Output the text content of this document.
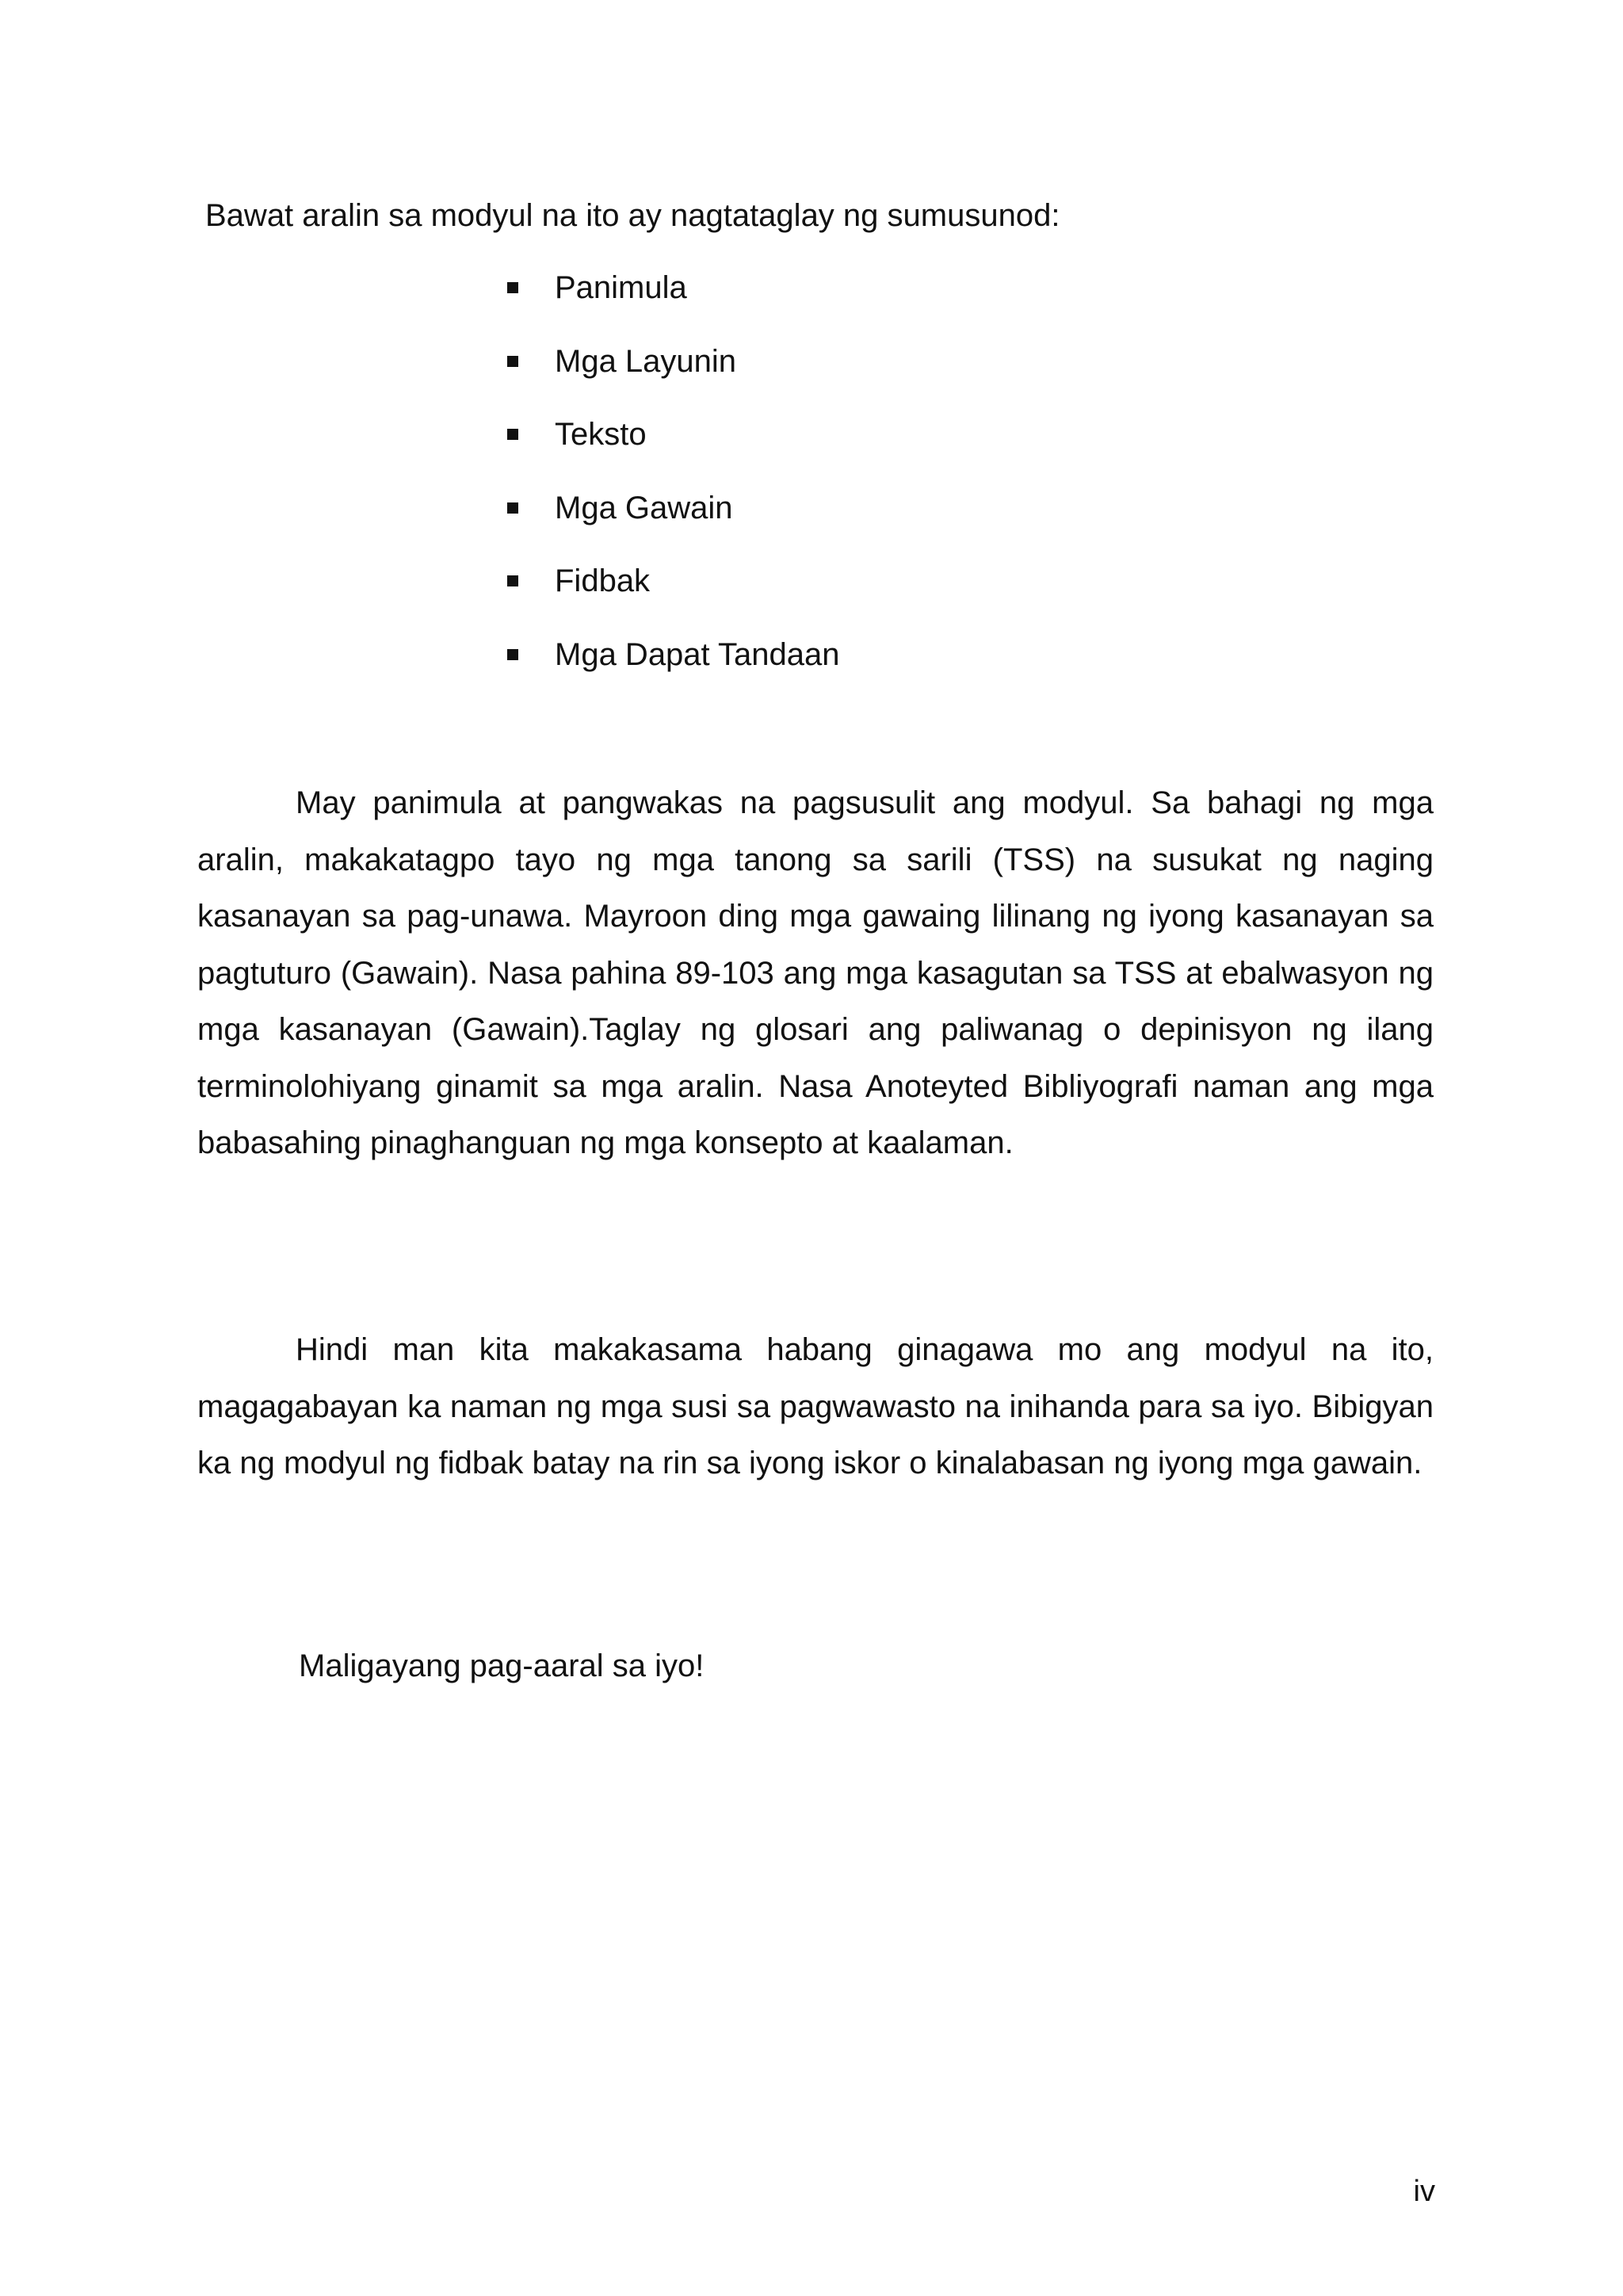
Bawat aralin sa modyul na ito ay nagtataglay ng sumusunod:

Panimula
Mga Layunin
Teksto
Mga Gawain
Fidbak
Mga Dapat Tandaan

May panimula at pangwakas na pagsusulit ang modyul. Sa bahagi ng mga aralin, makakatagpo tayo ng mga tanong sa sarili (TSS) na susukat ng naging kasanayan sa pag-unawa. Mayroon ding mga gawaing lilinang ng iyong kasanayan sa pagtuturo (Gawain). Nasa pahina 89-103 ang mga kasagutan sa TSS at ebalwasyon ng mga kasanayan (Gawain).Taglay ng glosari ang paliwanag o depinisyon ng ilang terminolohiyang ginamit sa mga aralin. Nasa Anoteyted Bibliyografi naman ang mga babasahing pinaghanguan ng mga konsepto at kaalaman.

Hindi man kita makakasama habang ginagawa mo ang modyul na ito, magagabayan ka naman ng mga susi sa pagwawasto na inihanda para sa iyo. Bibigyan ka ng modyul ng fidbak batay na rin sa iyong iskor o kinalabasan ng iyong mga gawain.

Maligayang pag-aaral sa iyo!

iv
